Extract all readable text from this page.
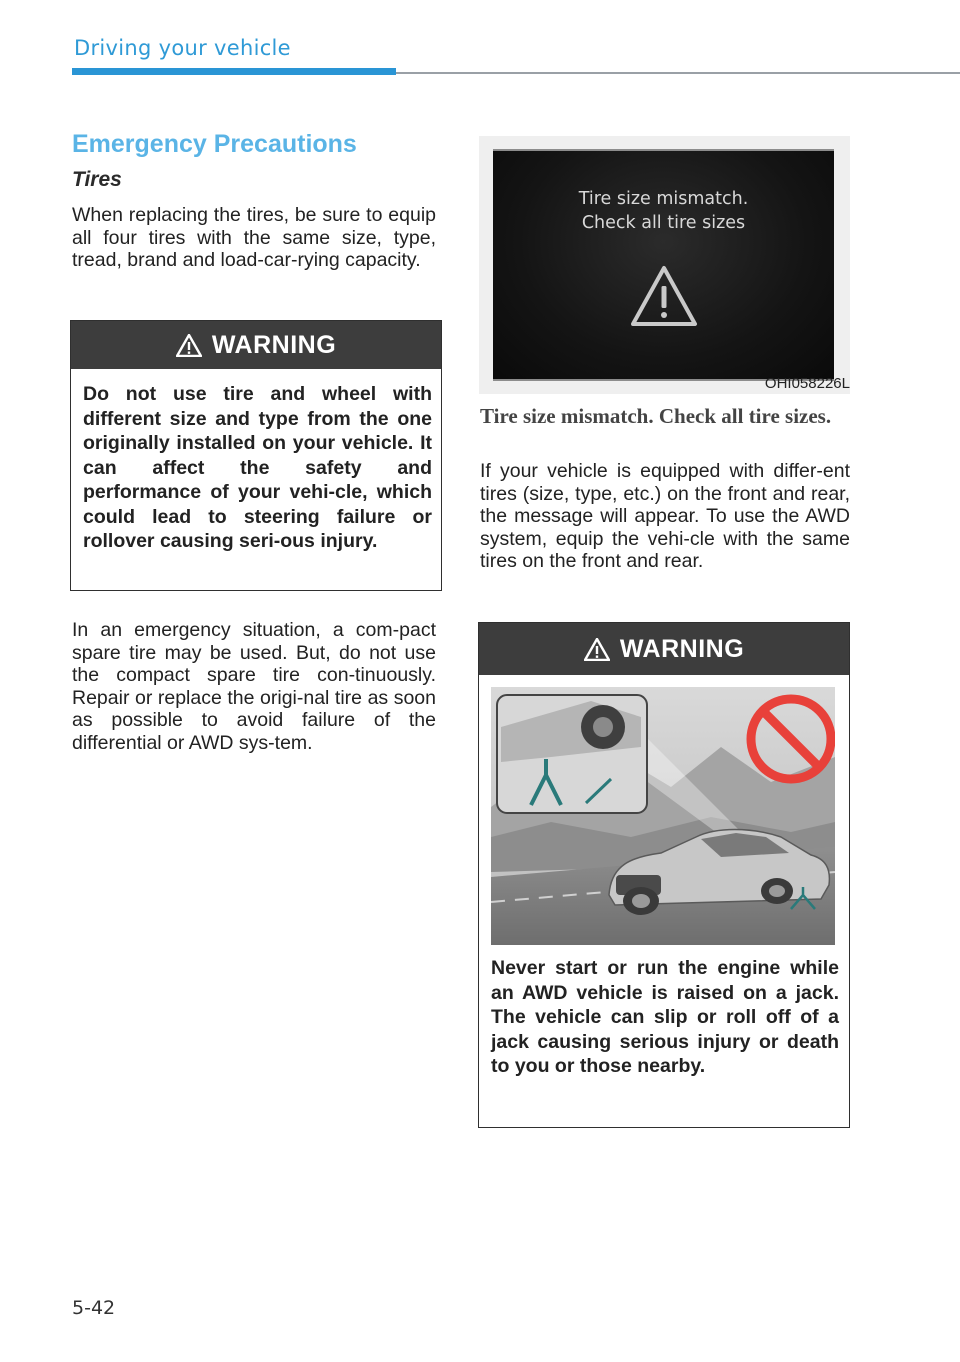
Driving your vehicle
Emergency Precautions
Tires
When replacing the tires, be sure to equip all four tires with the same size, type, tread, brand and load-car-rying capacity.
WARNING
Do not use tire and wheel with different size and type from the one originally installed on your vehicle. It can affect the safety and performance of your vehi-cle, which could lead to steering failure or rollover causing seri-ous injury.
In an emergency situation, a com-pact spare tire may be used. But, do not use the compact spare tire con-tinuously. Repair or replace the origi-nal tire as soon as possible to avoid failure of the differential or AWD sys-tem.
Tire size mismatch.
Check all tire sizes
OHI058226L
Tire size mismatch. Check all tire sizes.
If your vehicle is equipped with differ-ent tires (size, type, etc.) on the front and rear, the message will appear. To use the AWD system, equip the vehi-cle with the same tires on the front and rear.
WARNING
Never start or run the engine while an AWD vehicle is raised on a jack. The vehicle can slip or roll off of a jack causing serious injury or death to you or those nearby.
5-42
